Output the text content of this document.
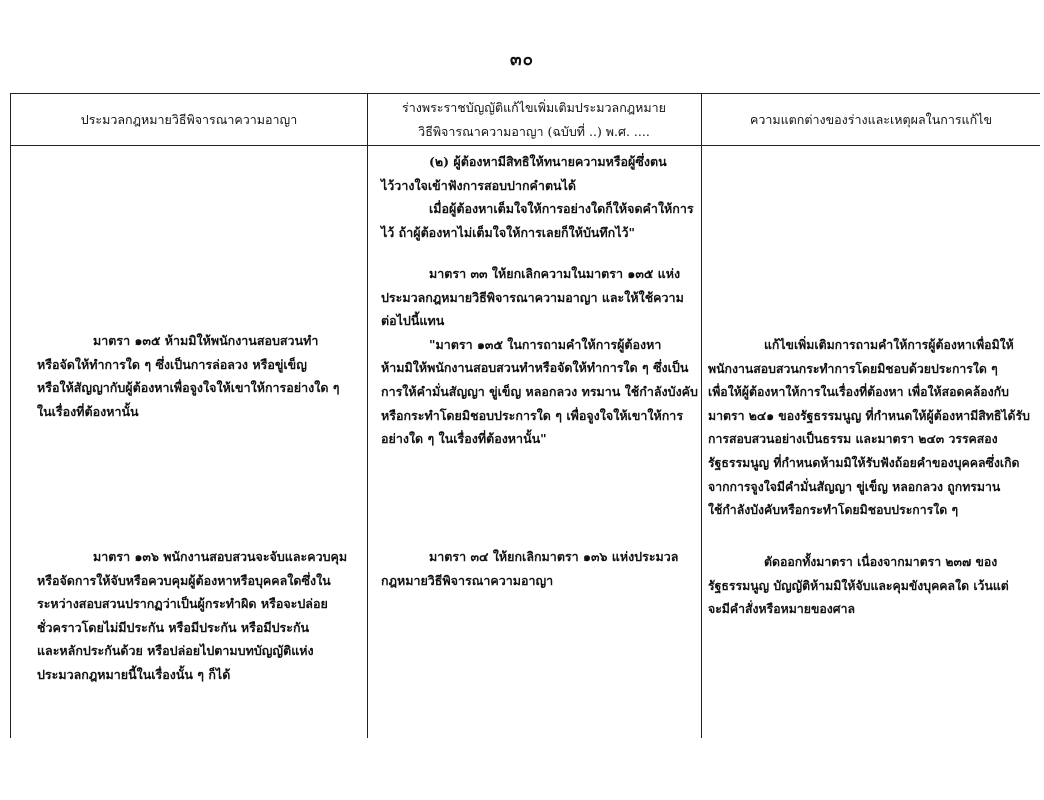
๓๐
ประมวลกฎหมายวิธีพิจารณาความอาญา
ร่างพระราชบัญญัติแก้ไขเพิ่มเติมประมวลกฎหมาย
วิธีพิจารณาความอาญา (ฉบับที่ ..) พ.ศ. ....
ความแตกต่างของร่างและเหตุผลในการแก้ไข

(๒) ผู้ต้องหามีสิทธิให้ทนายความหรือผู้ซึ่งตน

ไว้วางใจเข้าฟังการสอบปากคำตนได้

เมื่อผู้ต้องหาเต็มใจให้การอย่างใดก็ให้จดคำให้การ

ไว้ ถ้าผู้ต้องหาไม่เต็มใจให้การเลยก็ให้บันทึกไว้"

มาตรา ๓๓ ให้ยกเลิกความในมาตรา ๑๓๕ แห่ง

ประมวลกฎหมายวิธีพิจารณาความอาญา และให้ใช้ความ

ต่อไปนี้แทน

"มาตรา ๑๓๕ ในการถามคำให้การผู้ต้องหา

ห้ามมิให้พนักงานสอบสวนทำหรือจัดให้ทำการใด ๆ ซึ่งเป็น

การให้คำมั่นสัญญา ขู่เข็ญ หลอกลวง ทรมาน ใช้กำลังบังคับ

หรือกระทำโดยมิชอบประการใด ๆ เพื่อจูงใจให้เขาให้การ

อย่างใด ๆ ในเรื่องที่ต้องหานั้น"

มาตรา ๓๔ ให้ยกเลิกมาตรา ๑๓๖ แห่งประมวล

กฎหมายวิธีพิจารณาความอาญา

มาตรา ๑๓๕ ห้ามมิให้พนักงานสอบสวนทำ

หรือจัดให้ทำการใด ๆ ซึ่งเป็นการล่อลวง หรือขู่เข็ญ

หรือให้สัญญากับผู้ต้องหาเพื่อจูงใจให้เขาให้การอย่างใด ๆ

ในเรื่องที่ต้องหานั้น

มาตรา ๑๓๖ พนักงานสอบสวนจะจับและควบคุม

หรือจัดการให้จับหรือควบคุมผู้ต้องหาหรือบุคคลใดซึ่งใน

ระหว่างสอบสวนปรากฏว่าเป็นผู้กระทำผิด หรือจะปล่อย

ชั่วคราวโดยไม่มีประกัน หรือมีประกัน หรือมีประกัน

และหลักประกันด้วย หรือปล่อยไปตามบทบัญญัติแห่ง

ประมวลกฎหมายนี้ในเรื่องนั้น ๆ ก็ได้

แก้ไขเพิ่มเติมการถามคำให้การผู้ต้องหาเพื่อมิให้

พนักงานสอบสวนกระทำการโดยมิชอบด้วยประการใด ๆ

เพื่อให้ผู้ต้องหาให้การในเรื่องที่ต้องหา เพื่อให้สอดคล้องกับ

มาตรา ๒๔๑ ของรัฐธรรมนูญ ที่กำหนดให้ผู้ต้องหามีสิทธิได้รับ

การสอบสวนอย่างเป็นธรรม และมาตรา ๒๔๓ วรรคสอง

รัฐธรรมนูญ ที่กำหนดห้ามมิให้รับฟังถ้อยคำของบุคคลซึ่งเกิด

จากการจูงใจมีคำมั่นสัญญา ขู่เข็ญ หลอกลวง ถูกทรมาน

ใช้กำลังบังคับหรือกระทำโดยมิชอบประการใด ๆ

ตัดออกทั้งมาตรา เนื่องจากมาตรา ๒๓๗ ของ

รัฐธรรมนูญ บัญญัติห้ามมิให้จับและคุมขังบุคคลใด เว้นแต่

จะมีคำสั่งหรือหมายของศาล
